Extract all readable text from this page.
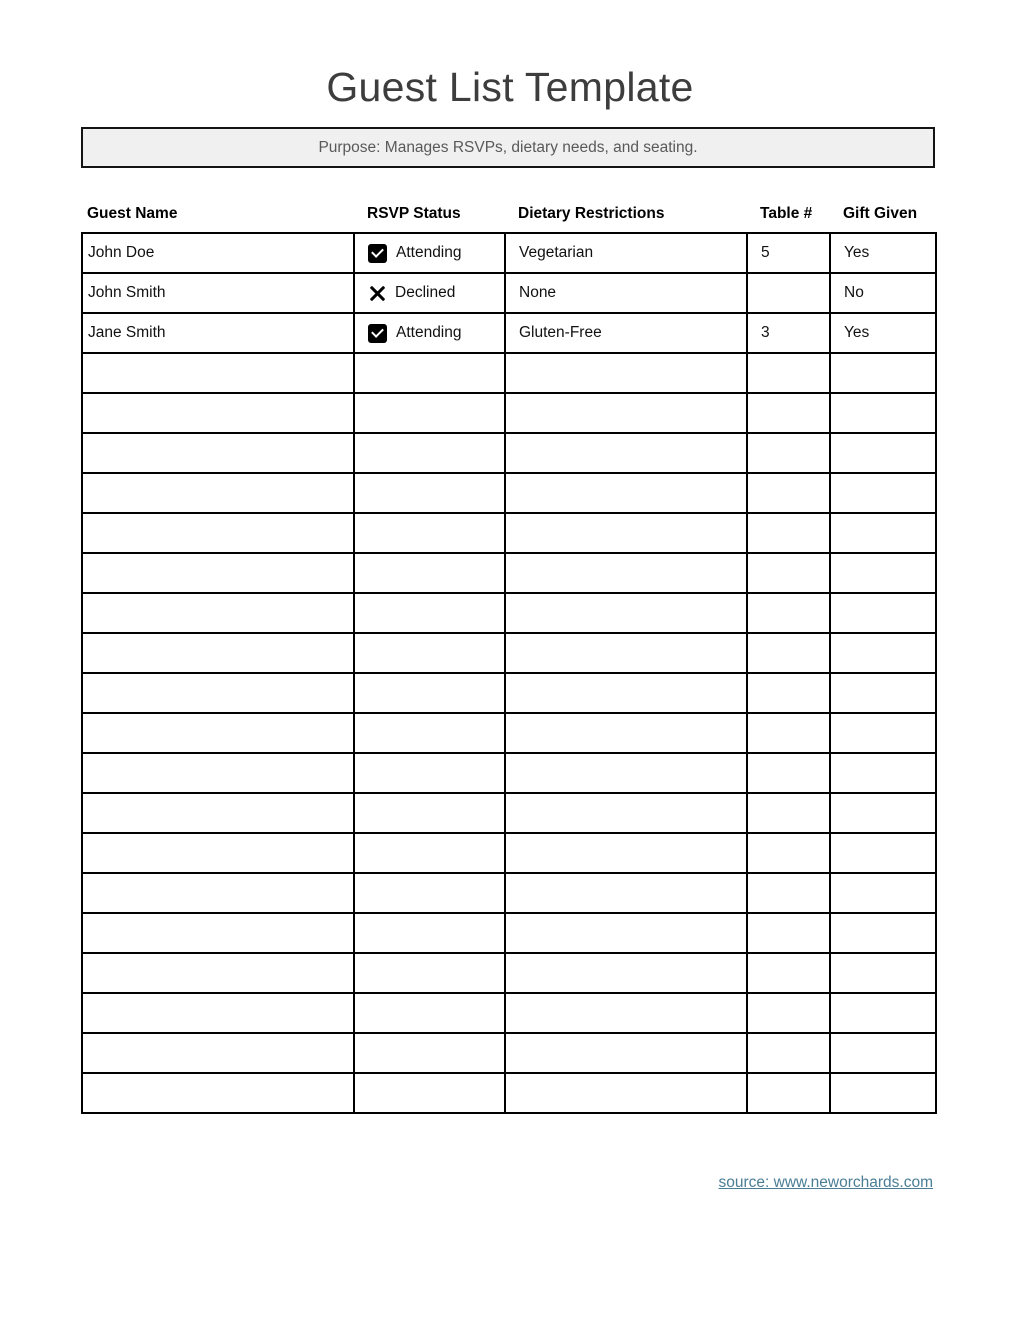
Guest List Template
Purpose: Manages RSVPs, dietary needs, and seating.
Guest Name	RSVP Status	Dietary Restrictions	Table #	Gift Given
John Doe	Attending	Vegetarian	5	Yes
John Smith	Declined	None		No
Jane Smith	Attending	Gluten-Free	3	Yes

source: www.neworchards.com
